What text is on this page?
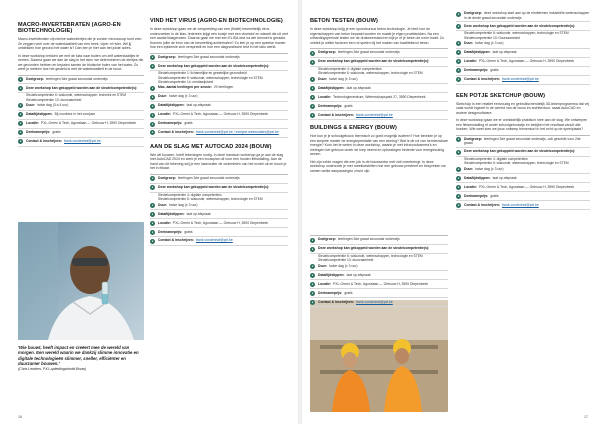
MACRO-INVERTEBRATEN (AGRO-EN BIOTECHNOLOGIE)

Macro-invertebraten zijn kleine waterdiertjes die je zonder microscoop kunt zien. Ze zeggen veel over de waterkwaliteit van een beek, vijver of rivier. Wil jij ontdekken hoe gezond het water is? Dan ben je hier aan het juiste adres.

In deze workshop trekken we met de klas naar buiten om zelf waterstaaltjes te nemen. Daarna gaan we aan de slag in het labo: we determineren de diertjes die we gevonden hebben en bepalen samen de biotische index van het water. Zo weet je meteen hoe het gesteld is met de waterkwaliteit in de buurt.

●	Doelgroep: leerlingen 3de graad secundair onderwijs
●	Deze workshop kan gekoppeld worden aan de sleutelcompetentie(s):
Sleutelcompetentie 6: wiskunde, wetenschappen, techniek en STEM
Sleutelcompetentie 13: duurzaamheid
●	Duur: halve dag (3 à 4 uur)
●	Data/tijdstippen: Bij voorkeur in het voorjaar
●	Locatie: PXL-Green & Tech, Agoralaan — Gebouw H, 3590 Diepenbeek
●	Deelnameprijs: gratis
●	Contact & inschrijven: frank.vondenhof@pxl.be
'Wie bouwt, heeft impact en creëert mee de wereld van morgen. Een wereld waarin we dankzij slimme innovatie en digitale technologieën slimmer, sneller, efficiënter en duurzamer bouwen.'
(Chris Lenders, PXL-opleidingshoofd Bouw)
VIND HET VIRUS (AGRO-EN BIOTECHNOLOGIE)

In deze workshop gaan we de verspreiding van een (fictief) besmettelijk virus onderzoeken in de klas. Iedereen krijgt een buisje met een vloeistof en wisselt die uit met een aantal klasgenoten. Daarna gaan we met een ELISA-test na wie besmet is geraakt. Kunnen jullie de bron van de besmetting achterhalen? Zo leer je op een speelse manier hoe een epidemie zich verspreidt en hoe een diagnostische test in het labo werkt.

●	Doelgroep: leerlingen 3de graad secundair onderwijs
●	Deze workshop kan gekoppeld worden aan de sleutelcompetentie(s):
Sleutelcompetentie 1: lichamelijke en geestelijke gezondheid
Sleutelcompetentie 6: wiskunde, wetenschappen, technologie en STEM
Sleutelcompetentie 14: mediawijsheid
●	Max. aantal leerlingen per sessie: 20 leerlingen
●	Duur: halve dag (± 3 uur)
●	Data/tijdstippen: laat op afspraak
●	Locatie: PXL-Green & Tech, Agoralaan — Gebouw H, 3590 Diepenbeek
●	Deelnameprijs: gratis
●	Contact & inschrijven: frank.vondenhof@pxl.be / evelyne.wintmolders@pxl.be
AAN DE SLAG MET AUTOCAD 2024 (BOUW)

Wie wil bouwen, heeft tekeningen nodig. In deze handson workshop ga je aan de slag met AutoCAD 2024 en werk je een bouwplan uit voor een houten fietsstalling. Aan de hand van de tekening snij je een lasercutter de onderdelen van het model uit en bouw je het in elkaar.

●	Doelgroep: leerlingen 3de graad secundair onderwijs
●	Deze workshop kan gekoppeld worden aan de sleutelcompetentie(s):
Sleutelcompetentie 4: digitale competenties
Sleutelcompetentie 6: wiskunde, wetenschappen, technologie en STEM
●	Duur: halve dag (± 3 uur)
●	Data/tijdstippen: laat op afspraak
●	Locatie: PXL-Green & Tech, Agoralaan — Gebouw H, 3590 Diepenbeek
●	Deelnameprijs: gratis
●	Contact & inschrijven: frank.vondenhof@pxl.be
BETON TESTEN (BOUW)

In deze workshop krijg je een spoedcursus beton-technologie. Je leert hoe de eigenschappen van beton bepaald worden en maakt je eigen proefstukken. Na een uithardingsperiode testen we de drukweerstand en kijk je of je beton de norm haalt. Zo ontdek je welke factoren een rol spelen bij het maken van kwaliteitsvol beton.

●	Doelgroep: leerlingen 3de graad secundair onderwijs
●	Deze workshop kan gekoppeld worden aan de sleutelcompetentie(s):
Sleutelcompetentie 4: digitale competenties
Sleutelcompetentie 6: wiskunde, wetenschappen, technologie en STEM
●	Duur: halve dag (± 3 uur)
●	Data/tijdstippen: laat op afspraak
●	Locatie: Technologiecentrum, Wetenschapspark 27, 3590 Diepenbeek
●	Deelnameprijs: gratis
●	Contact & inschrijven: frank.vondenhof@pxl.be
BUILDINGS & ENERGY (BOUW)

Hoe kun je je schoolgebouw thermisch zo goed mogelijk isoleren? Hoe bereken je op een simpele manier de energieprestatie van een woning? Wat is de rol van hernieuwbare energie? Kom het te weten in deze workshop, waarin je met infraroodcamera's en metingen het gebouw onder de loep neemt en oplossingen bedenkt voor energiezuinig wonen.

Het zijn echte vragen die een job in de bouwsector met zich meebrengt. In deze workshop onderzoek je met meettoestellen hoe een gebouw presteert en bespreken we samen welke aanpassingen zinvol zijn.

●	Doelgroep: deze workshop start aan op de eindtermen industriële wetenschappen in de derde graad secundair onderwijs
●	Deze workshop kan gekoppeld worden aan de sleutelcompetentie(s):
Sleutelcompetentie 6: wiskunde, wetenschappen, technologie en STEM
Sleutelcompetentie 13: Duurzaamheid
●	Duur: halve dag (± 3 uur)
●	Data/tijdstippen: laat op afspraak
●	Locatie: PXL-Green & Tech, Agoralaan — Gebouw H, 3590 Diepenbeek
●	Deelnameprijs: gratis
●	Contact & inschrijven: frank.vondenhof@pxl.be
EEN POTJE SKETCHUP (BOUW)

SketchUp is een relatief eenvoudig en gebruiksvriendelijk 3D-tekenprogramma dat vrij vaak wordt ingezet in de wereld van de bouw en architectuur, naast AutoCAD en andere designsoftware.

In deze workshop gaan we er onmiddellijk praktisch mee aan de slag. We ontwerpen een fietsenstalling of ander schoolgebouwtje en bekijken het resultaat vanuit alle hoeken. Wie weet zien we jouw ontwerp binnenkort in het echt op de speelplaats?

●	Doelgroep: leerlingen 3de graad secundair onderwijs, ook geschikt voor 2de graad
●	Deze workshop kan gekoppeld worden aan de sleutelcompetentie(s):
Sleutelcompetentie 4: digitale competenties
Sleutelcompetentie 6: wiskunde, wetenschappen, technologie en STEM
●	Duur: halve dag (± 3 uur)
●	Data/tijdstippen: laat op afspraak
●	Locatie: PXL-Green & Tech, Agoralaan — Gebouw H, 3590 Diepenbeek
●	Deelnameprijs: gratis
●	Contact & inschrijven: frank.vondenhof@pxl.be
●	Doelgroep: leerlingen 3de graad secundair onderwijs
●	Deze workshop kan gekoppeld worden aan de sleutelcompetentie(s):
Sleutelcompetentie 6: wiskunde, wetenschappen, technologie en STEM
Sleutelcompetentie 13: duurzaamheid
●	Duur: halve dag (± 3 uur)
●	Data/tijdstippen: laat op afspraak
●	Locatie: PXL-Green & Tech, Agoralaan — Gebouw H, 3590 Diepenbeek
●	Deelnameprijs: gratis
●	Contact & inschrijven: frank.vondenhof@pxl.be
16	17
